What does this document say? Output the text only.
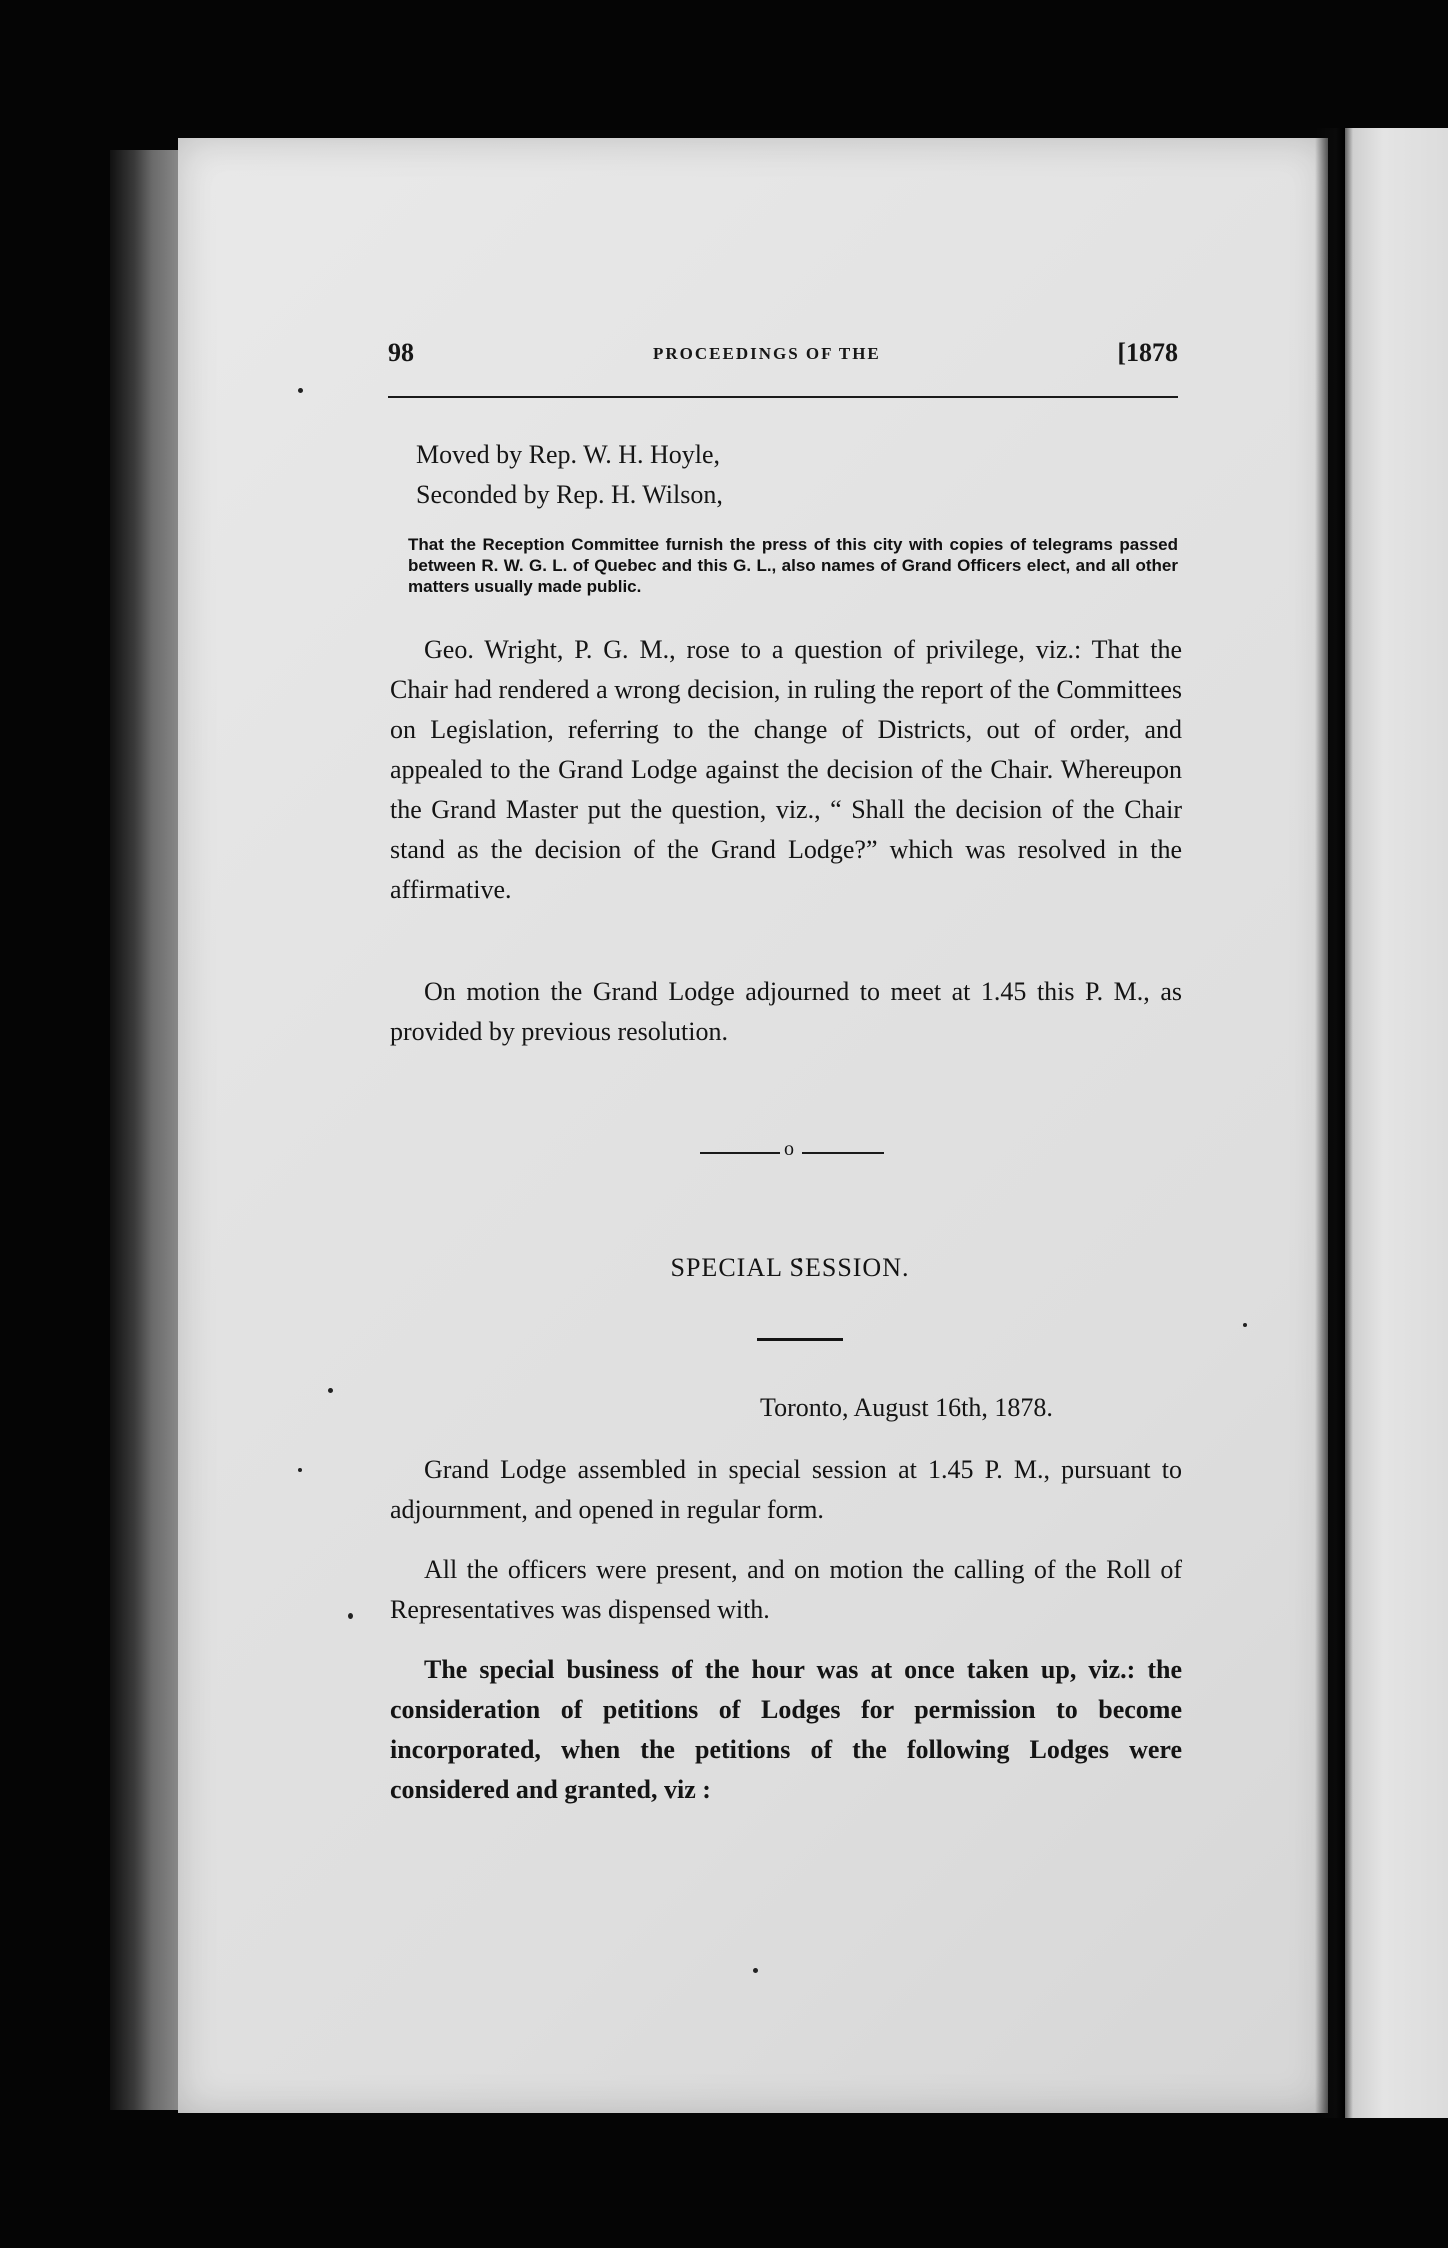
98	PROCEEDINGS OF THE	[1878
Moved by Rep. W. H. Hoyle,
Seconded by Rep. H. Wilson,
That the Reception Committee furnish the press of this city with copies of telegrams passed between R. W. G. L. of Quebec and this G. L., also names of Grand Officers elect, and all other matters usually made public.
Geo. Wright, P. G. M., rose to a question of privilege, viz.: That the Chair had rendered a wrong decision, in ruling the report of the Committees on Legislation, referring to the change of Districts, out of order, and appealed to the Grand Lodge against the decision of the Chair. Whereupon the Grand Master put the question, viz., “ Shall the decision of the Chair stand as the decision of the Grand Lodge?” which was resolved in the affirmative.
On motion the Grand Lodge adjourned to meet at 1.45 this P. M., as provided by previous resolution.
o
SPECIAL SESSION.
Toronto, August 16th, 1878.
Grand Lodge assembled in special session at 1.45 P. M., pursuant to adjournment, and opened in regular form.
All the officers were present, and on motion the calling of the Roll of Representatives was dispensed with.
The special business of the hour was at once taken up, viz.: the consideration of petitions of Lodges for permission to become incorporated, when the petitions of the following Lodges were considered and granted, viz :
